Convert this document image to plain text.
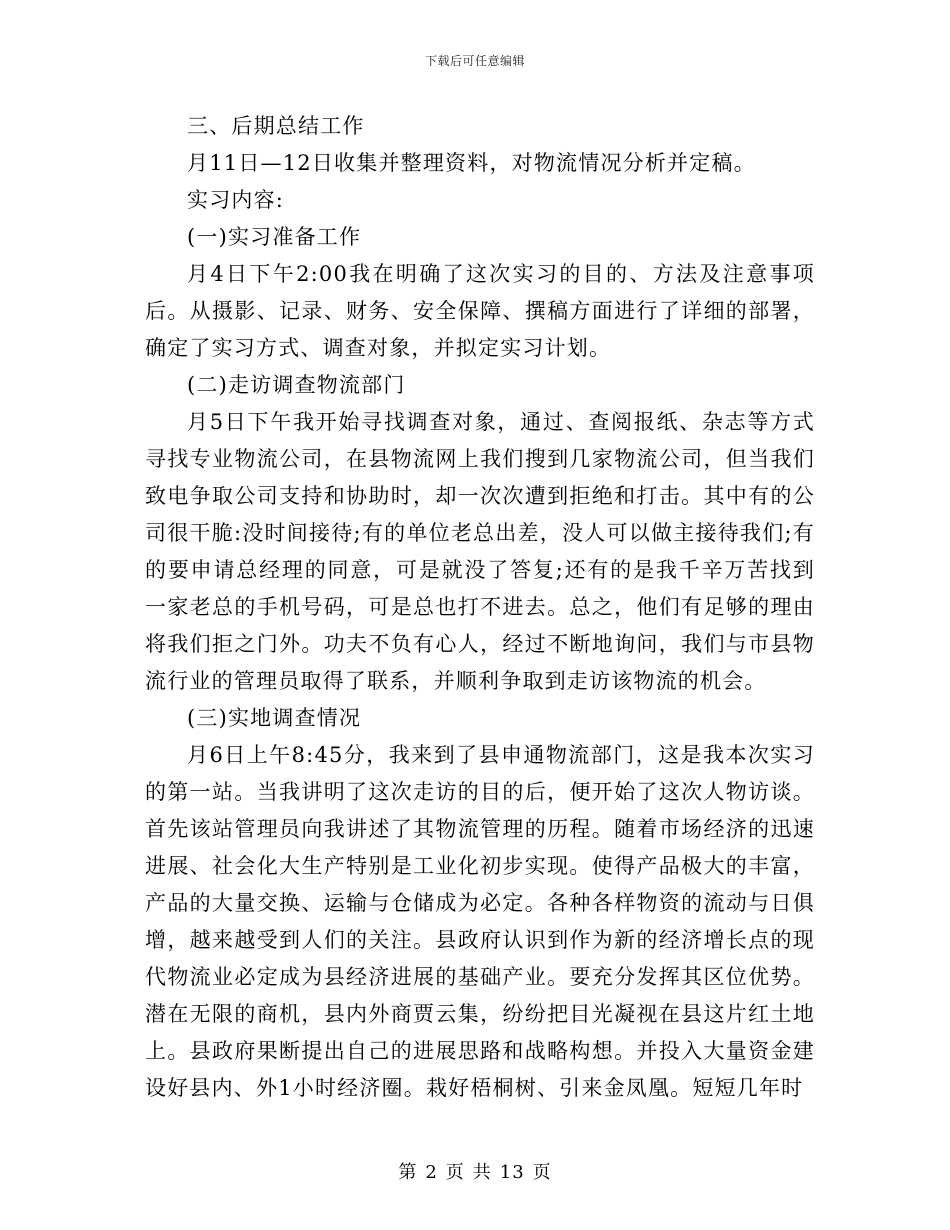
下载后可任意编辑

三、后期总结工作

月11日—12日收集并整理资料，对物流情况分析并定稿。

实习内容:

(一)实习准备工作

月4日下午2:00我在明确了这次实习的目的、方法及注意事项后。从摄影、记录、财务、安全保障、撰稿方面进行了详细的部署，确定了实习方式、调查对象，并拟定实习计划。

(二)走访调查物流部门

月5日下午我开始寻找调查对象，通过、查阅报纸、杂志等方式寻找专业物流公司，在县物流网上我们搜到几家物流公司，但当我们致电争取公司支持和协助时，却一次次遭到拒绝和打击。其中有的公司很干脆:没时间接待;有的单位老总出差，没人可以做主接待我们;有的要申请总经理的同意，可是就没了答复;还有的是我千辛万苦找到一家老总的手机号码，可是总也打不进去。总之，他们有足够的理由将我们拒之门外。功夫不负有心人，经过不断地询问，我们与市县物流行业的管理员取得了联系，并顺利争取到走访该物流的机会。

(三)实地调查情况

月6日上午8:45分，我来到了县申通物流部门，这是我本次实习的第一站。当我讲明了这次走访的目的后，便开始了这次人物访谈。首先该站管理员向我讲述了其物流管理的历程。随着市场经济的迅速进展、社会化大生产特别是工业化初步实现。使得产品极大的丰富，产品的大量交换、运输与仓储成为必定。各种各样物资的流动与日俱增，越来越受到人们的关注。县政府认识到作为新的经济增长点的现代物流业必定成为县经济进展的基础产业。要充分发挥其区位优势。潜在无限的商机，县内外商贾云集，纷纷把目光凝视在县这片红土地上。县政府果断提出自己的进展思路和战略构想。并投入大量资金建设好县内、外1小时经济圈。栽好梧桐树、引来金凤凰。短短几年时

第 2 页 共 13 页
